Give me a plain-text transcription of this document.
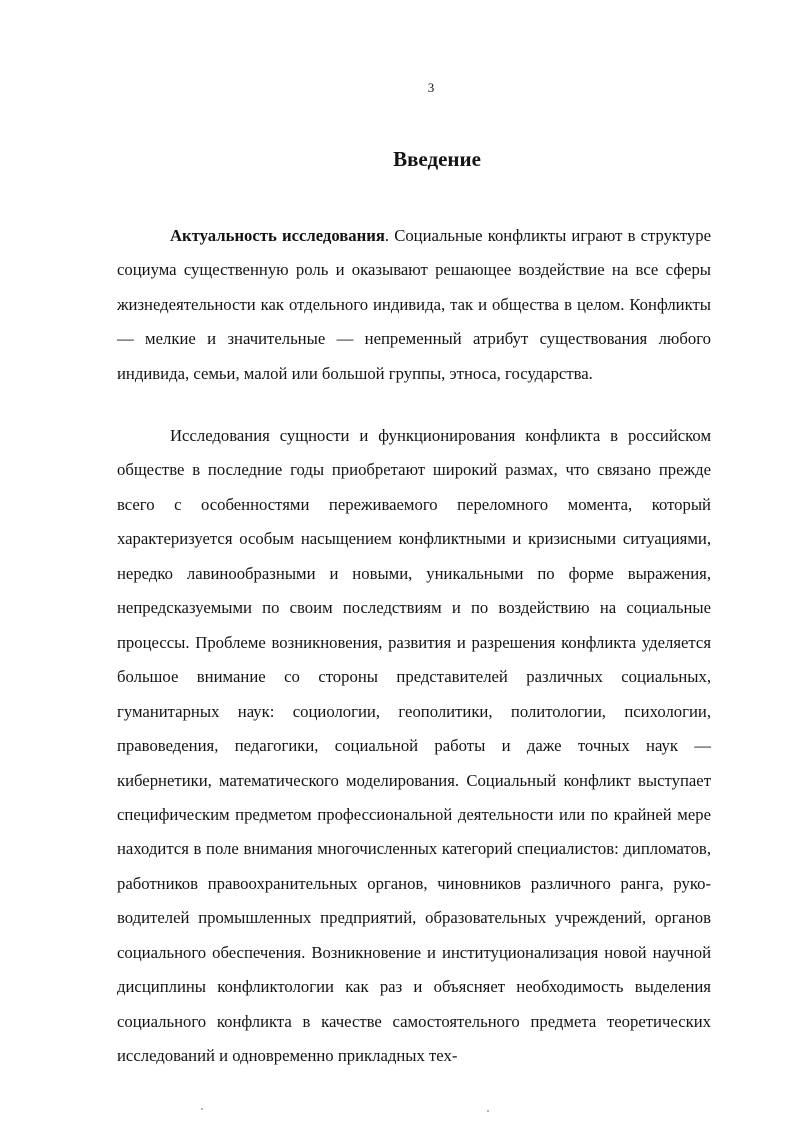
3
Введение

Актуальность исследования. Социальные конфликты играют в структуре социума существенную роль и оказывают решающее воздействие на все сферы жизнедеятельности как отдельного индивида, так и общества в целом. Конфликты — мелкие и значительные — непременный атрибут существования любого индивида, семьи, малой или большой группы, этноса, государства.

Исследования сущности и функционирования конфликта в российском обществе в последние годы приобретают широкий размах, что связано прежде всего с особенностями переживаемого переломного момента, который характеризуется особым насыщением конфликтными и кризисными ситуациями, нередко лавинообразными и новыми, уникальными по форме выражения, непредсказуемыми по своим последствиям и по воздействию на социальные процессы. Проблеме возникновения, развития и разрешения конфликта уделяется большое внимание со стороны представителей различных социальных, гуманитарных наук: социологии, геополитики, политологии, психологии, правоведения, педагогики, социальной работы и даже точных наук — кибернетики, математического моделирования. Социальный конфликт выступает специфическим предметом профессиональной деятельности или по крайней мере находится в поле внимания многочисленных категорий специалистов: дипломатов, работников правоохранительных органов, чиновников различного ранга, руководителей промышленных предприятий, образовательных учреждений, органов социального обеспечения. Возникновение и институционализация новой научной дисциплины конфликтологии как раз и объясняет необходимость выделения социального конфликта в качестве самостоятельного предмета теоретических исследований и одновременно прикладных тех-
